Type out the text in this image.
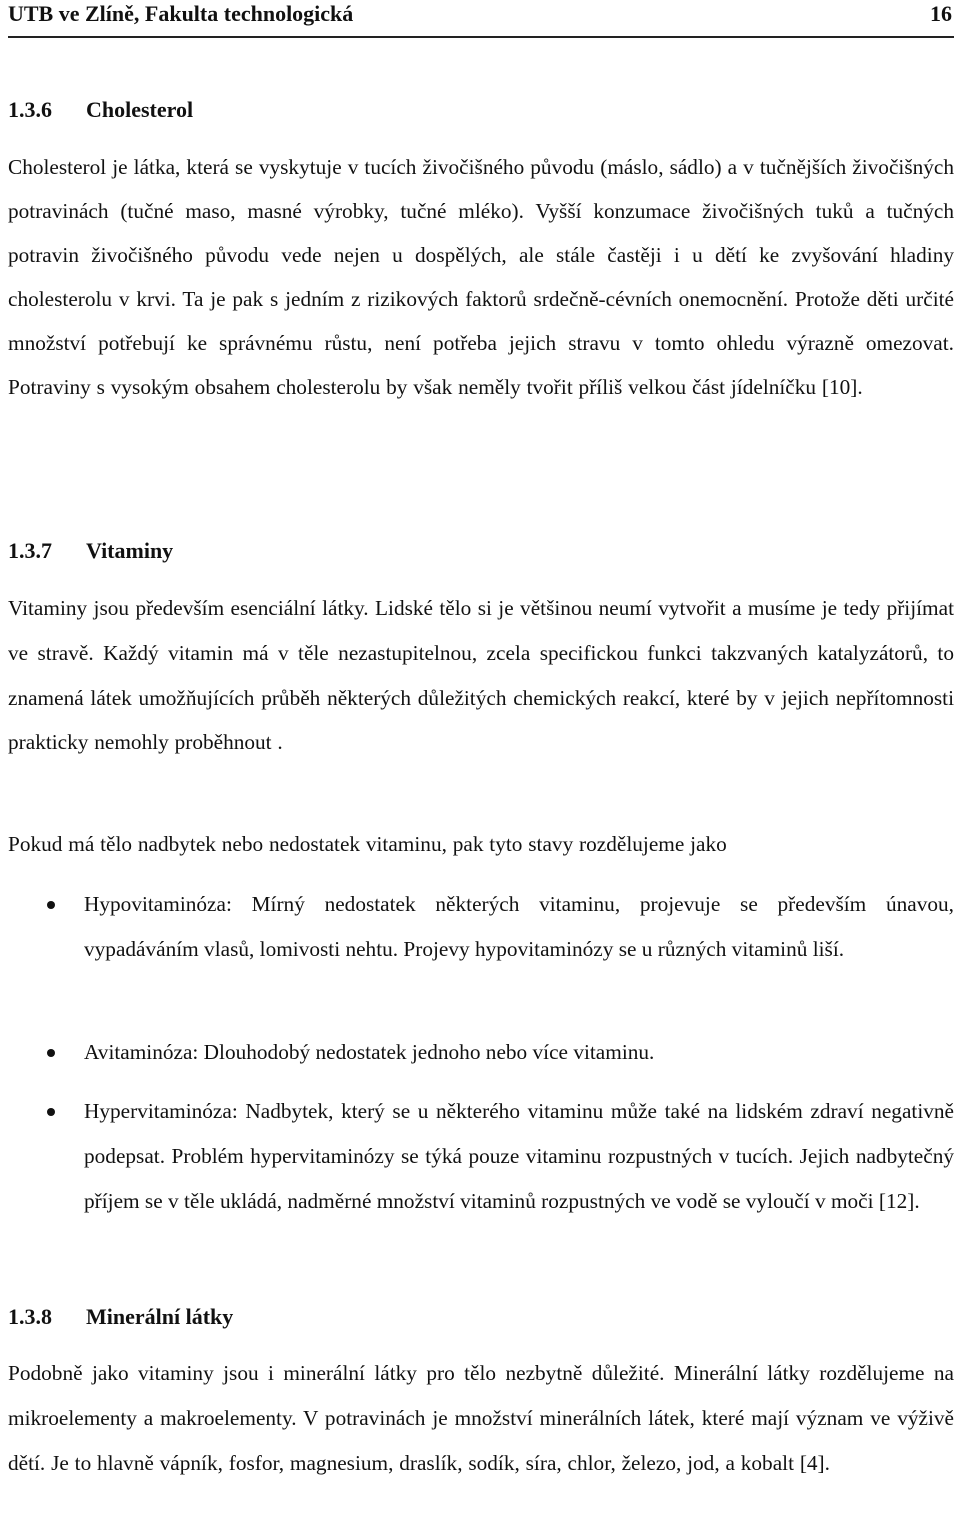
UTB ve Zlíně, Fakulta technologická	16
1.3.6 Cholesterol

Cholesterol je látka, která se vyskytuje v tucích živočišného původu (máslo, sádlo) a v tučnějších živočišných potravinách (tučné maso, masné výrobky, tučné mléko). Vyšší konzumace živočišných tuků a tučných potravin živočišného původu vede nejen u dospělých, ale stále častěji i u dětí ke zvyšování hladiny cholesterolu v krvi. Ta je pak s jedním z rizikových faktorů srdečně-cévních onemocnění. Protože děti určité množství potřebují ke správnému růstu, není potřeba jejich stravu v tomto ohledu výrazně omezovat. Potraviny s vysokým obsahem cholesterolu by však neměly tvořit příliš velkou část jídelníčku [10].

1.3.7 Vitaminy

Vitaminy jsou především esenciální látky. Lidské tělo si je většinou neumí vytvořit a musíme je tedy přijímat ve stravě. Každý vitamin má v těle nezastupitelnou, zcela specifickou funkci takzvaných katalyzátorů, to znamená látek umožňujících průběh některých důležitých chemických reakcí, které by v jejich nepřítomnosti prakticky nemohly proběhnout .

Pokud má tělo nadbytek nebo nedostatek vitaminu, pak tyto stavy rozdělujeme jako

Hypovitaminóza: Mírný nedostatek některých vitaminu, projevuje se především únavou, vypadáváním vlasů, lomivosti nehtu. Projevy hypovitaminózy se u různých vitaminů liší.
Avitaminóza: Dlouhodobý nedostatek jednoho nebo více vitaminu.
Hypervitaminóza: Nadbytek, který se u některého vitaminu může také na lidském zdraví negativně podepsat. Problém hypervitaminózy se týká pouze vitaminu rozpustných v tucích. Jejich nadbytečný příjem se v těle ukládá, nadměrné množství vitaminů rozpustných ve vodě se vyloučí v moči [12].
1.3.8 Minerální látky

Podobně jako vitaminy jsou i minerální látky pro tělo nezbytně důležité. Minerální látky rozdělujeme na mikroelementy a makroelementy. V potravinách je množství minerálních látek, které mají význam ve výživě dětí. Je to hlavně vápník, fosfor, magnesium, draslík, sodík, síra, chlor, železo, jod, a kobalt [4].
